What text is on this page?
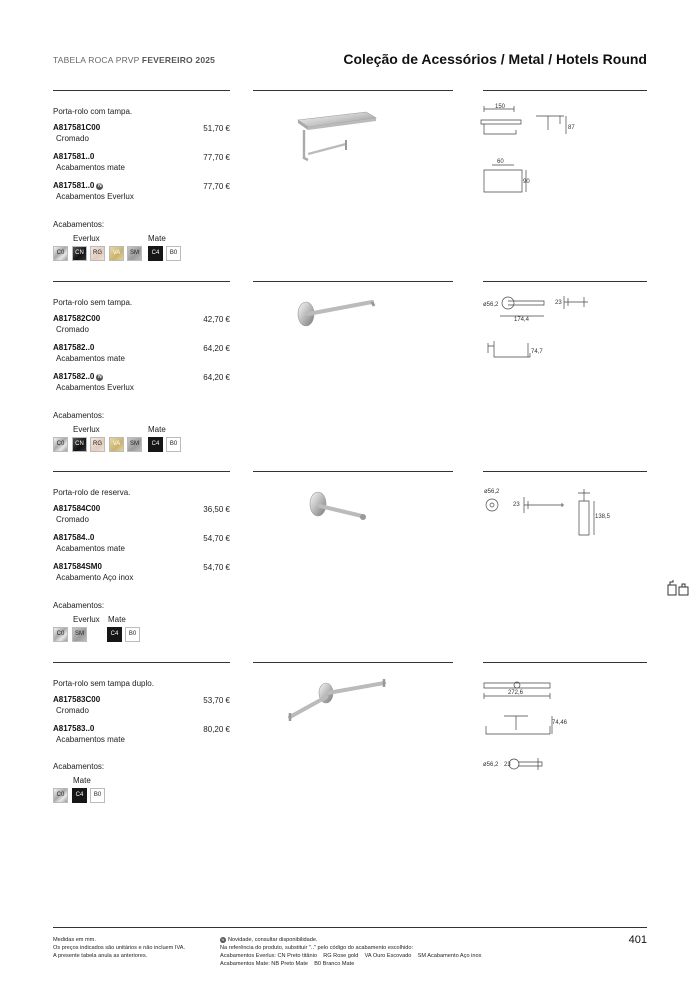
TABELA ROCA PRVP FEVEREIRO 2025	Coleção de Acessórios / Metal / Hotels Round
Porta-rolo com tampa.
A817581C00
Cromado
51,70 €
A817581..0
Acabamentos mate
77,70 €
A817581..0 N
Acabamentos Everlux
77,70 €
Acabamentos:
Everlux	Mate
C0	CN	RG	VA	SM	C4	B0
150
87
60
90
Porta-rolo sem tampa.
A817582C00
Cromado
42,70 €
A817582..0
Acabamentos mate
64,20 €
A817582..0 N
Acabamentos Everlux
64,20 €
Acabamentos:
Everlux	Mate
C0	CN	RG	VA	SM	C4	B0
ø56,2
174,4
23
74,7
Porta-rolo de reserva.
A817584C00
Cromado
36,50 €
A817584..0
Acabamentos mate
54,70 €
A817584SM0
Acabamento Aço inox
54,70 €
Acabamentos:
Everlux Mate
C0	SM	C4	B0
ø56,2
23
138,5
Porta-rolo sem tampa duplo.
A817583C00
Cromado
53,70 €
A817583..0
Acabamentos mate
80,20 €
Acabamentos:
Mate
C0	C4	B0
272,6
74,46
ø56,2 23
Medidas em mm.
Os preços indicados são unitários e não incluem IVA.
A presente tabela anula as anteriores.
N Novidade, consultar disponibilidade.
Na referência do produto, substituir ".." pelo código do acabamento escolhido:
Acabamentos Everlux: CN Preto titânio    RG Rose gold    VA Ouro Escovado    SM Acabamento Aço inox
Acabamentos Mate: NB Preto Mate    B0 Branco Mate
401
